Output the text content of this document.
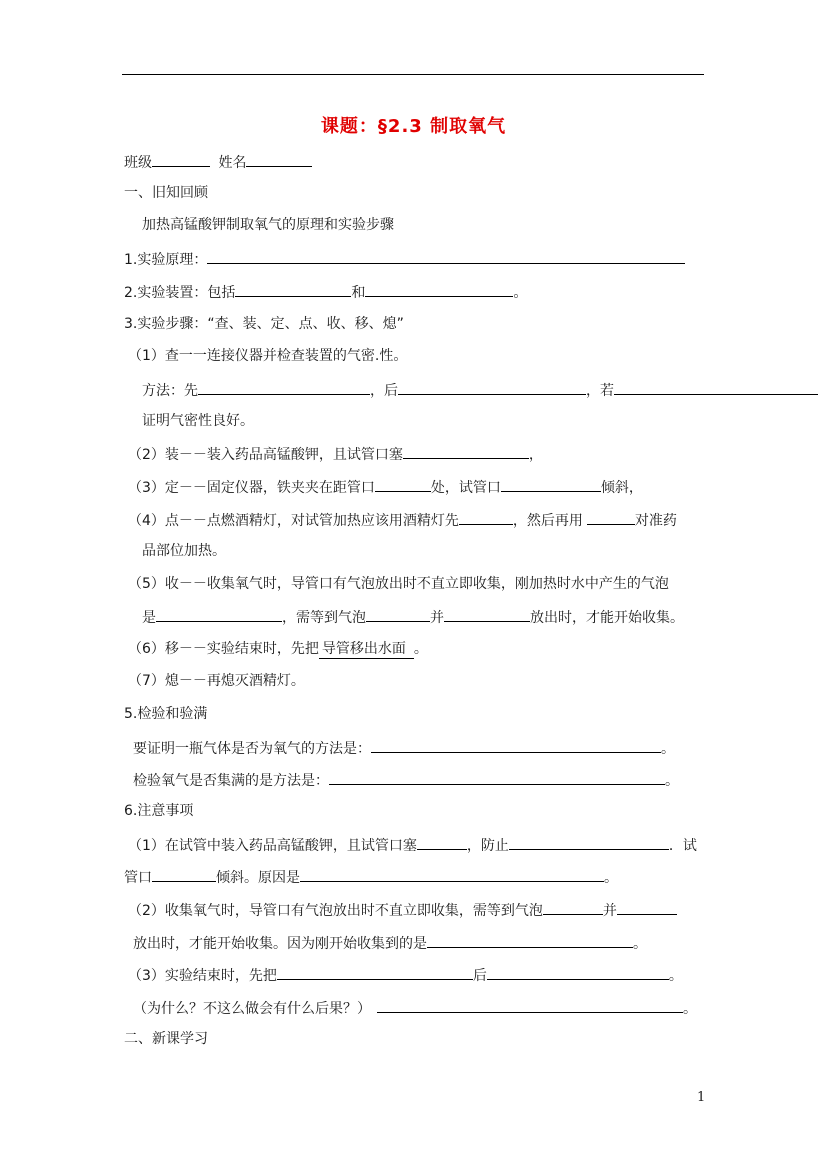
课题：§2.3 制取氧气
班级	姓名
一、旧知回顾
加热高锰酸钾制取氧气的原理和实验步骤
1.实验原理：
2.实验装置：包括	和	。
3.实验步骤：“查、装、定、点、收、移、熄”
（1）查一一连接仪器并检查装置的气密.性。
方法：先	，后	，若
证明气密性良好。
（2）装－－装入药品高锰酸钾，且试管口塞	，
（3）定－－固定仪器，铁夹夹在距管口	处，试管口	倾斜，
（4）点－－点燃酒精灯，对试管加热应该用酒精灯先	，然后再用	对准药
品部位加热。
（5）收－－收集氧气时，导管口有气泡放出时不直立即收集，刚加热时水中产生的气泡
是	，需等到气泡	并	放出时，才能开始收集。
（6）移－－实验结束时，先把 导管移出水面 。
（7）熄－－再熄灭酒精灯。
5.检验和验满
要证明一瓶气体是否为氧气的方法是：	。
检验氧气是否集满的是方法是：	。
6.注意事项
（1）在试管中装入药品高锰酸钾，且试管口塞	，防止	．试
管口	倾斜。原因是	。
（2）收集氧气时，导管口有气泡放出时不直立即收集，需等到气泡	并
放出时，才能开始收集。因为刚开始收集到的是	。
（3）实验结束时，先把	后	。
（为什么？不这么做会有什么后果？）	。
二、新课学习
1
